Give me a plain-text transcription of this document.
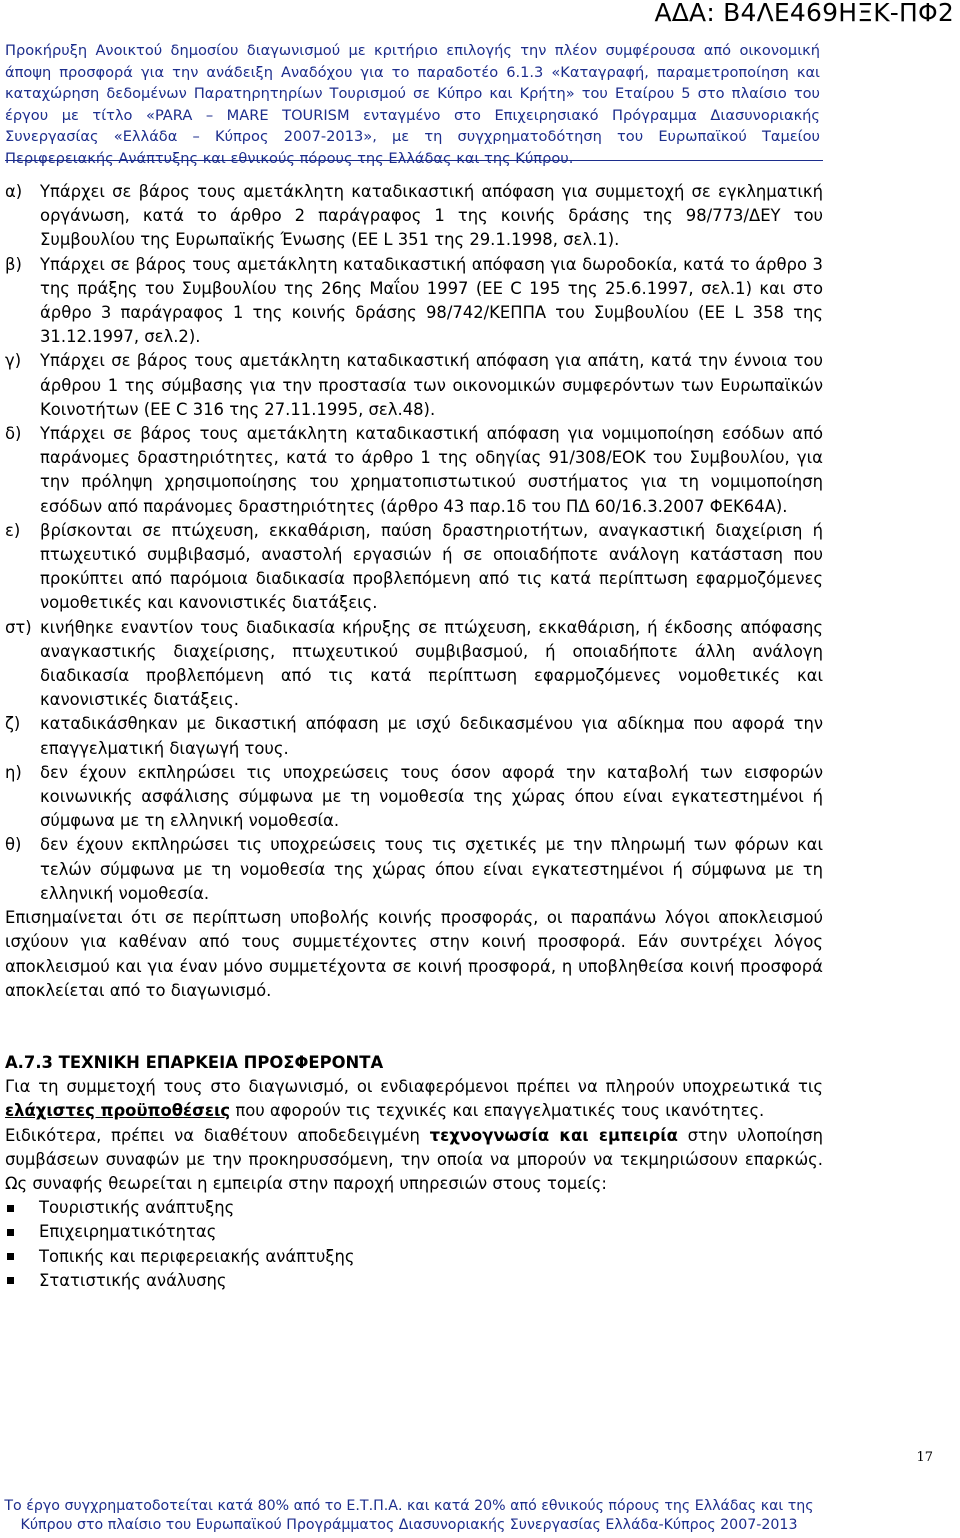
ΑΔΑ: Β4ΛΕ469ΗΞΚ-ΠΦ2
Προκήρυξη Ανοικτού δημοσίου διαγωνισμού με κριτήριο επιλογής την πλέον συμφέρουσα από οικονομική άποψη προσφορά για την ανάδειξη Αναδόχου για το παραδοτέο 6.1.3 «Καταγραφή, παραμετροποίηση και καταχώρηση δεδομένων Παρατηρητηρίων Τουρισμού σε Κύπρο και Κρήτη» του Εταίρου 5 στο πλαίσιο του έργου με τίτλο «PARA – MARE TOURISM ενταγμένο στο Επιχειρησιακό Πρόγραμμα Διασυνοριακής Συνεργασίας «Ελλάδα – Κύπρος 2007-2013», με τη συγχρηματοδότηση του Ευρωπαϊκού Ταμείου Περιφερειακής Ανάπτυξης και εθνικούς πόρους της Ελλάδας και της Κύπρου.
α)	Υπάρχει σε βάρος τους αμετάκλητη καταδικαστική απόφαση για συμμετοχή σε εγκληματική οργάνωση, κατά το άρθρο 2 παράγραφος 1 της κοινής δράσης της 98/773/ΔΕΥ του Συμβουλίου της Ευρωπαϊκής Ένωσης (ΕΕ L 351 της 29.1.1998, σελ.1).
β)	Υπάρχει σε βάρος τους αμετάκλητη καταδικαστική απόφαση για δωροδοκία, κατά το άρθρο 3 της πράξης του Συμβουλίου της 26ης Μαΐου 1997 (ΕΕ C 195 της 25.6.1997, σελ.1) και στο άρθρο 3 παράγραφος 1 της κοινής δράσης 98/742/ΚΕΠΠΑ του Συμβουλίου (ΕΕ L 358 της 31.12.1997, σελ.2).
γ)	Υπάρχει σε βάρος τους αμετάκλητη καταδικαστική απόφαση για απάτη, κατά την έννοια του άρθρου 1 της σύμβασης για την προστασία των οικονομικών συμφερόντων των Ευρωπαϊκών Κοινοτήτων (ΕΕ C 316 της 27.11.1995, σελ.48).
δ)	Υπάρχει σε βάρος τους αμετάκλητη καταδικαστική απόφαση για νομιμοποίηση εσόδων από παράνομες δραστηριότητες, κατά το άρθρο 1 της οδηγίας 91/308/ΕΟΚ του Συμβουλίου, για την πρόληψη χρησιμοποίησης του χρηματοπιστωτικού συστήματος για τη νομιμοποίηση εσόδων από παράνομες δραστηριότητες (άρθρο 43 παρ.1δ του ΠΔ 60/16.3.2007 ΦΕΚ64Α).
ε)	βρίσκονται σε πτώχευση, εκκαθάριση, παύση δραστηριοτήτων, αναγκαστική διαχείριση ή πτωχευτικό συμβιβασμό, αναστολή εργασιών ή σε οποιαδήποτε ανάλογη κατάσταση που προκύπτει από παρόμοια διαδικασία προβλεπόμενη από τις κατά περίπτωση εφαρμοζόμενες νομοθετικές και κανονιστικές διατάξεις.
στ) κινήθηκε εναντίον τους διαδικασία κήρυξης σε πτώχευση, εκκαθάριση, ή έκδοσης απόφασης αναγκαστικής διαχείρισης, πτωχευτικού συμβιβασμού, ή οποιαδήποτε άλλη ανάλογη διαδικασία προβλεπόμενη από τις κατά περίπτωση εφαρμοζόμενες νομοθετικές και κανονιστικές διατάξεις.
ζ)	καταδικάσθηκαν με δικαστική απόφαση με ισχύ δεδικασμένου για αδίκημα που αφορά την επαγγελματική διαγωγή τους.
η)	δεν έχουν εκπληρώσει τις υποχρεώσεις τους όσον αφορά την καταβολή των εισφορών κοινωνικής ασφάλισης σύμφωνα με τη νομοθεσία της χώρας όπου είναι εγκατεστημένοι ή σύμφωνα με τη ελληνική νομοθεσία.
θ)	δεν έχουν εκπληρώσει τις υποχρεώσεις τους τις σχετικές με την πληρωμή των φόρων και τελών σύμφωνα με τη νομοθεσία της χώρας όπου είναι εγκατεστημένοι ή σύμφωνα με τη ελληνική νομοθεσία.

Επισημαίνεται ότι σε περίπτωση υποβολής κοινής προσφοράς, οι παραπάνω λόγοι αποκλεισμού ισχύουν για καθέναν από τους συμμετέχοντες στην κοινή προσφορά. Εάν συντρέχει λόγος αποκλεισμού και για έναν μόνο συμμετέχοντα σε κοινή προσφορά, η υποβληθείσα κοινή προσφορά αποκλείεται από το διαγωνισμό.

Α.7.3 ΤΕΧΝΙΚΗ ΕΠΑΡΚΕΙΑ ΠΡΟΣΦΕΡΟΝΤΑ

Για τη συμμετοχή τους στο διαγωνισμό, οι ενδιαφερόμενοι πρέπει να πληρούν υποχρεωτικά τις ελάχιστες προϋποθέσεις που αφορούν τις τεχνικές και επαγγελματικές τους ικανότητες.

Ειδικότερα, πρέπει να διαθέτουν αποδεδειγμένη τεχνογνωσία και εμπειρία στην υλοποίηση συμβάσεων συναφών με την προκηρυσσόμενη, την οποία να μπορούν να τεκμηριώσουν επαρκώς. Ως συναφής θεωρείται η εμπειρία στην παροχή υπηρεσιών στους τομείς:

Τουριστικής ανάπτυξης
Επιχειρηματικότητας
Τοπικής και περιφερειακής ανάπτυξης
Στατιστικής ανάλυσης
17
Το έργο συγχρηματοδοτείται κατά 80% από το Ε.Τ.Π.Α. και κατά 20% από εθνικούς πόρους της Ελλάδας και της
Κύπρου στο πλαίσιο του Ευρωπαϊκού Προγράμματος Διασυνοριακής Συνεργασίας Ελλάδα-Κύπρος 2007-2013
